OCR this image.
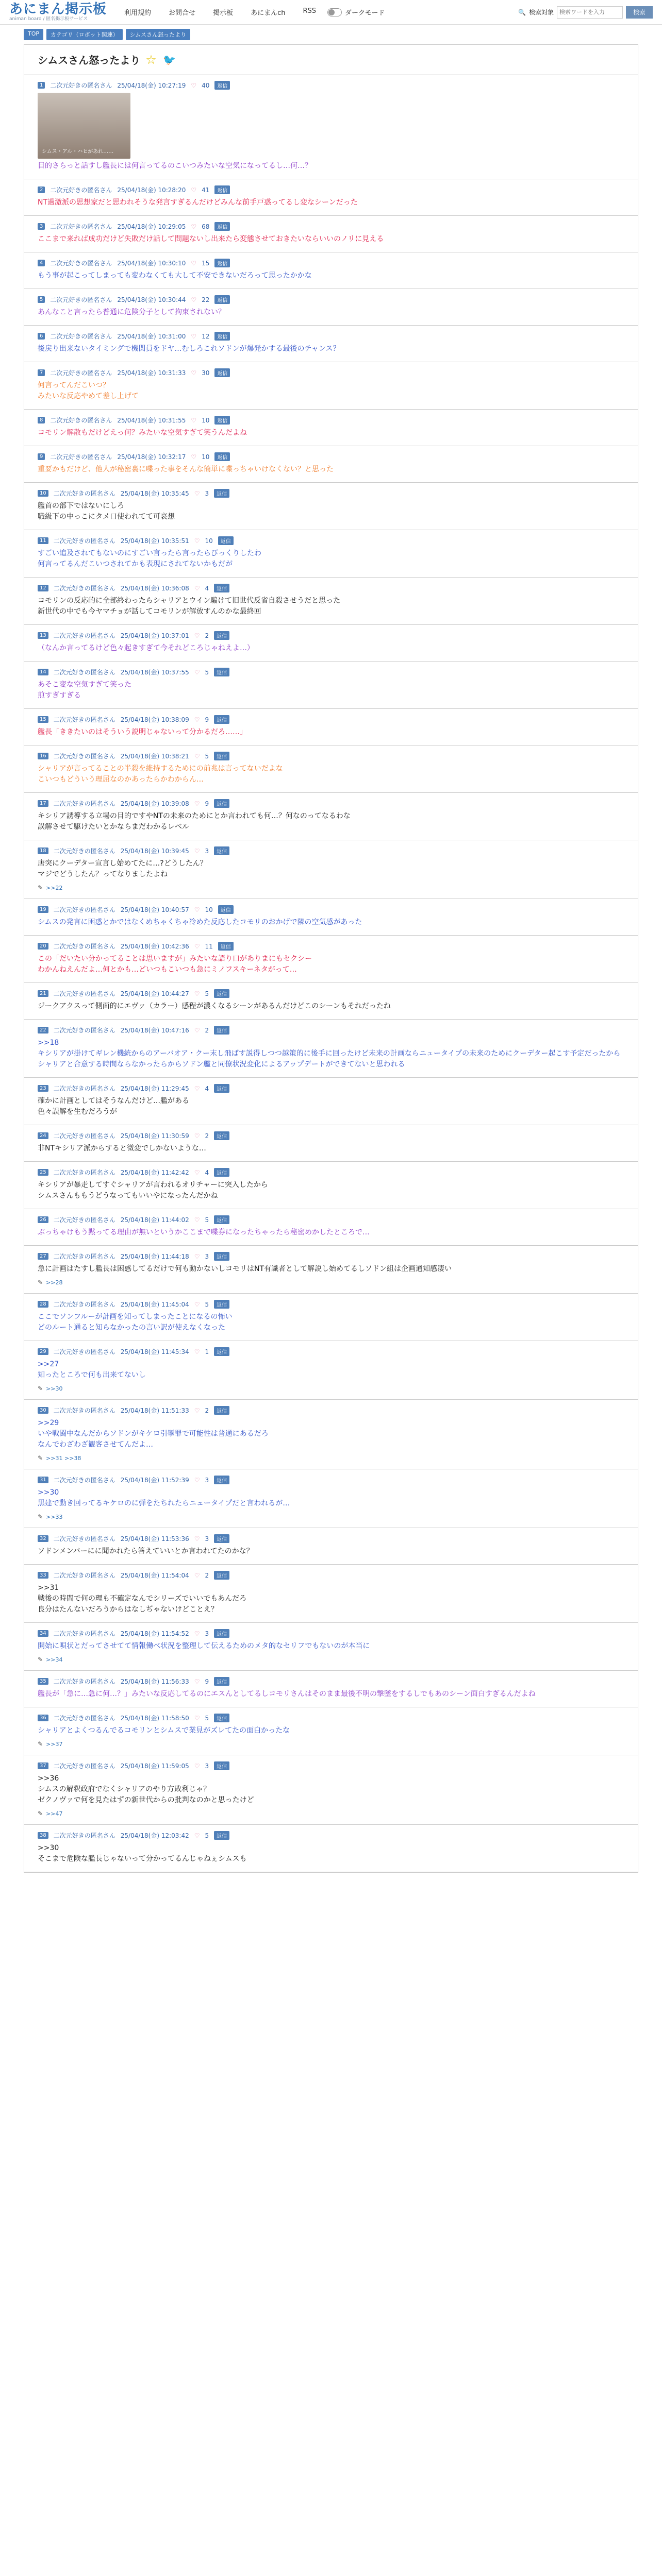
あにまん掲示板
animan board / 匿名掲示板サービス
利用規約	お問合せ	掲示板	あにまんch	RSS	ダークモード	🔍 検索対象
検索ワードを入力	検索
TOP	カテゴリ（ロボット関連）	シムスさん怒ったより
シムスさん怒ったより ☆ 🐦
1	二次元好きの匿名さん 25/04/18(金) 10:27:19 ♡ 40	返信
シムス・アル・ハヒがあれ……
目的さらっと話すし艦長には何言ってるのこいつみたいな空気になってるし…何…？
2	二次元好きの匿名さん 25/04/18(金) 10:28:20 ♡ 41	返信
NT過激派の思想家だと思われそうな発言すぎるんだけどみんな前手戸惑ってるし変なシーンだった
3	二次元好きの匿名さん 25/04/18(金) 10:29:05 ♡ 68	返信
ここまで来れば成功だけど失敗だけ話して問題ないし出来たら変態させておきたいならいいのノリに見える
4	二次元好きの匿名さん 25/04/18(金) 10:30:10 ♡ 15	返信
もう事が起こってしまっても変わなくても大して不安できないだろって思ったかかな
5	二次元好きの匿名さん 25/04/18(金) 10:30:44 ♡ 22	返信
あんなこと言ったら普通に危険分子として拘束されない？
6	二次元好きの匿名さん 25/04/18(金) 10:31:00 ♡ 12	返信
後戻り出来ないタイミングで機関員をドヤ…むしろこれソドンが爆発かする最後のチャンス？
7	二次元好きの匿名さん 25/04/18(金) 10:31:33 ♡ 30	返信
何言ってんだこいつ？
みたいな反応やめて差し上げて
8	二次元好きの匿名さん 25/04/18(金) 10:31:55 ♡ 10	返信
コモリン解散もだけどえっ何？みたいな空気すぎて笑うんだよね
9	二次元好きの匿名さん 25/04/18(金) 10:32:17 ♡ 10	返信
重要かもだけど、他人が秘密裏に喋った事をそんな簡単に喋っちゃいけなくない？と思った
10	二次元好きの匿名さん 25/04/18(金) 10:35:45 ♡ 3	返信
艦首の部下ではないにしろ
職級下の中っこにタメ口使われてて可哀想
11	二次元好きの匿名さん 25/04/18(金) 10:35:51 ♡ 10	返信
すごい追及されてもないのにすごい言ったら言ったらびっくりしたわ
何言ってるんだこいつされてかも表現にされてないかもだが
12	二次元好きの匿名さん 25/04/18(金) 10:36:08 ♡ 4	返信
コモリンの反応的に全部終わったらシャリアとウイン騙けて旧世代反省自殺させうだと思った
新世代の中でも今ヤマチョが話してコモリンが解放すんのかな最終回
13	二次元好きの匿名さん 25/04/18(金) 10:37:01 ♡ 2	返信
（なんか言ってるけど色々起きすぎて今それどころじゃねえよ…）
14	二次元好きの匿名さん 25/04/18(金) 10:37:55 ♡ 5	返信
あそこ変な空気すぎて笑った
煎すぎすぎる
15	二次元好きの匿名さん 25/04/18(金) 10:38:09 ♡ 9	返信
艦長「ききたいのはそういう説明じゃないって分かるだろ……」
16	二次元好きの匿名さん 25/04/18(金) 10:38:21 ♡ 5	返信
シャリアが言ってることの半殺を維持するためにの前兆は言ってないだよな
こいつもどういう理屈なのかあったらかわからん…
17	二次元好きの匿名さん 25/04/18(金) 10:39:08 ♡ 9	返信
キシリア誘導する立場の目的ですやNTの未来のためにとか言われても何…？何なのってなるわな
誤解させて駆けたいとかならまだわかるレベル
18	二次元好きの匿名さん 25/04/18(金) 10:39:45 ♡ 3	返信
唐突にクーデター宣言し始めてたに…?どうしたん？
マジでどうしたん？ってなりましたよね
✎ >>22
19	二次元好きの匿名さん 25/04/18(金) 10:40:57 ♡ 10	返信
シムスの発言に困惑とかではなくめちゃくちゃ冷めた反応したコモリのおかげで隣の空気感があった
20	二次元好きの匿名さん 25/04/18(金) 10:42:36 ♡ 11	返信
この「だいたい分かってることは思いますが」みたいな語り口がありまにもセクシー
わかんねえんだよ…何とかも…どいつもこいつも急にミノフスキーネタがって…
21	二次元好きの匿名さん 25/04/18(金) 10:44:27 ♡ 5	返信
ジークアクスって側面的にエヴァ（カラー）感程が濃くなるシーンがあるんだけどこのシーンもそれだったね
22	二次元好きの匿名さん 25/04/18(金) 10:47:16 ♡ 2	返信
>>18
キシリアが掛けてギレン機統からのアーバオア・クー末し飛ばす説得しつつ越策的に後手に回ったけど未来の計画ならニュータイプの未来のためにクーデター起こす予定だったから
シャリアと合意する時間ならなかったらからソドン艦と同僚状況変化によるアップデートができてないと思われる
23	二次元好きの匿名さん 25/04/18(金) 11:29:45 ♡ 4	返信
確かに計画としてはそうなんだけど…艦がある
色々誤解を生むだろうが
24	二次元好きの匿名さん 25/04/18(金) 11:30:59 ♡ 2	返信
非NTキシリア派からすると微変でしかないような…
25	二次元好きの匿名さん 25/04/18(金) 11:42:42 ♡ 4	返信
キシリアが暴走してすぐシャリアが言われるオリチャーに突入したから
シムスさんももうどうなってもいいやになったんだかね
26	二次元好きの匿名さん 25/04/18(金) 11:44:02 ♡ 5	返信
ぶっちゃけもう黙ってる理由が無いというかここまで喋券になったちゃったら秘密めかしたところで…
27	二次元好きの匿名さん 25/04/18(金) 11:44:18 ♡ 3	返信
急に計画はたすし艦長は困惑してるだけで何も動かないしコモリはNT有識者として解説し始めてるしソドン組は企画通知感凄い
✎ >>28
28	二次元好きの匿名さん 25/04/18(金) 11:45:04 ♡ 5	返信
ここでソンフルーが計画を知ってしまったことになるの怖い
どのルート通ると知らなかったの言い訳が使えなくなった
29	二次元好きの匿名さん 25/04/18(金) 11:45:34 ♡ 1	返信
>>27
知ったところで何も出来てないし
✎ >>30
30	二次元好きの匿名さん 25/04/18(金) 11:51:33 ♡ 2	返信
>>29
いや戦闘中なんだからソドンがキケロ引攣罪で可能性は普通にあるだろ
なんでわざわざ観客させてんだよ…
✎ >>31 >>38
31	二次元好きの匿名さん 25/04/18(金) 11:52:39 ♡ 3	返信
>>30
黒建で動き回ってるキケロのに弾をたちれたらニュータイプだと言われるが…
✎ >>33
32	二次元好きの匿名さん 25/04/18(金) 11:53:36 ♡ 3	返信
ソドンメンバーにに聞かれたら答えていいとか言われてたのかな？
33	二次元好きの匿名さん 25/04/18(金) 11:54:04 ♡ 2	返信
>>31
戦後の時間で何の理も不確定なんでシリーズでいいでもあんだろ
良分はたんないだろうからはなしぢゃないけどことえ？
34	二次元好きの匿名さん 25/04/18(金) 11:54:52 ♡ 3	返信
開始に唄状とだってさせてて情報働べ状況を整理して伝えるためのメタ的なセリフでもないのが本当に
✎ >>34
35	二次元好きの匿名さん 25/04/18(金) 11:56:33 ♡ 9	返信
艦長が「急に…急に何…？」みたいな反応してるのにエスんとしてるしコモリさんはそのまま最後不明の撃墜をするしでもあのシーン面白すぎるんだよね
36	二次元好きの匿名さん 25/04/18(金) 11:58:50 ♡ 5	返信
シャリアとよくつるんでるコモリンとシムスで業見がズレてたの面白かったな
✎ >>37
37	二次元好きの匿名さん 25/04/18(金) 11:59:05 ♡ 3	返信
>>36
シムスの解釈政府でなくシャリアのやり方敗利じゃ？
ゼクノヴァで何を見たはずの新世代からの批判なのかと思ったけど
✎ >>47
38	二次元好きの匿名さん 25/04/18(金) 12:03:42 ♡ 5	返信
>>30
そこまで危険な艦長じゃないって分かってるんじゃねぇシムスも
